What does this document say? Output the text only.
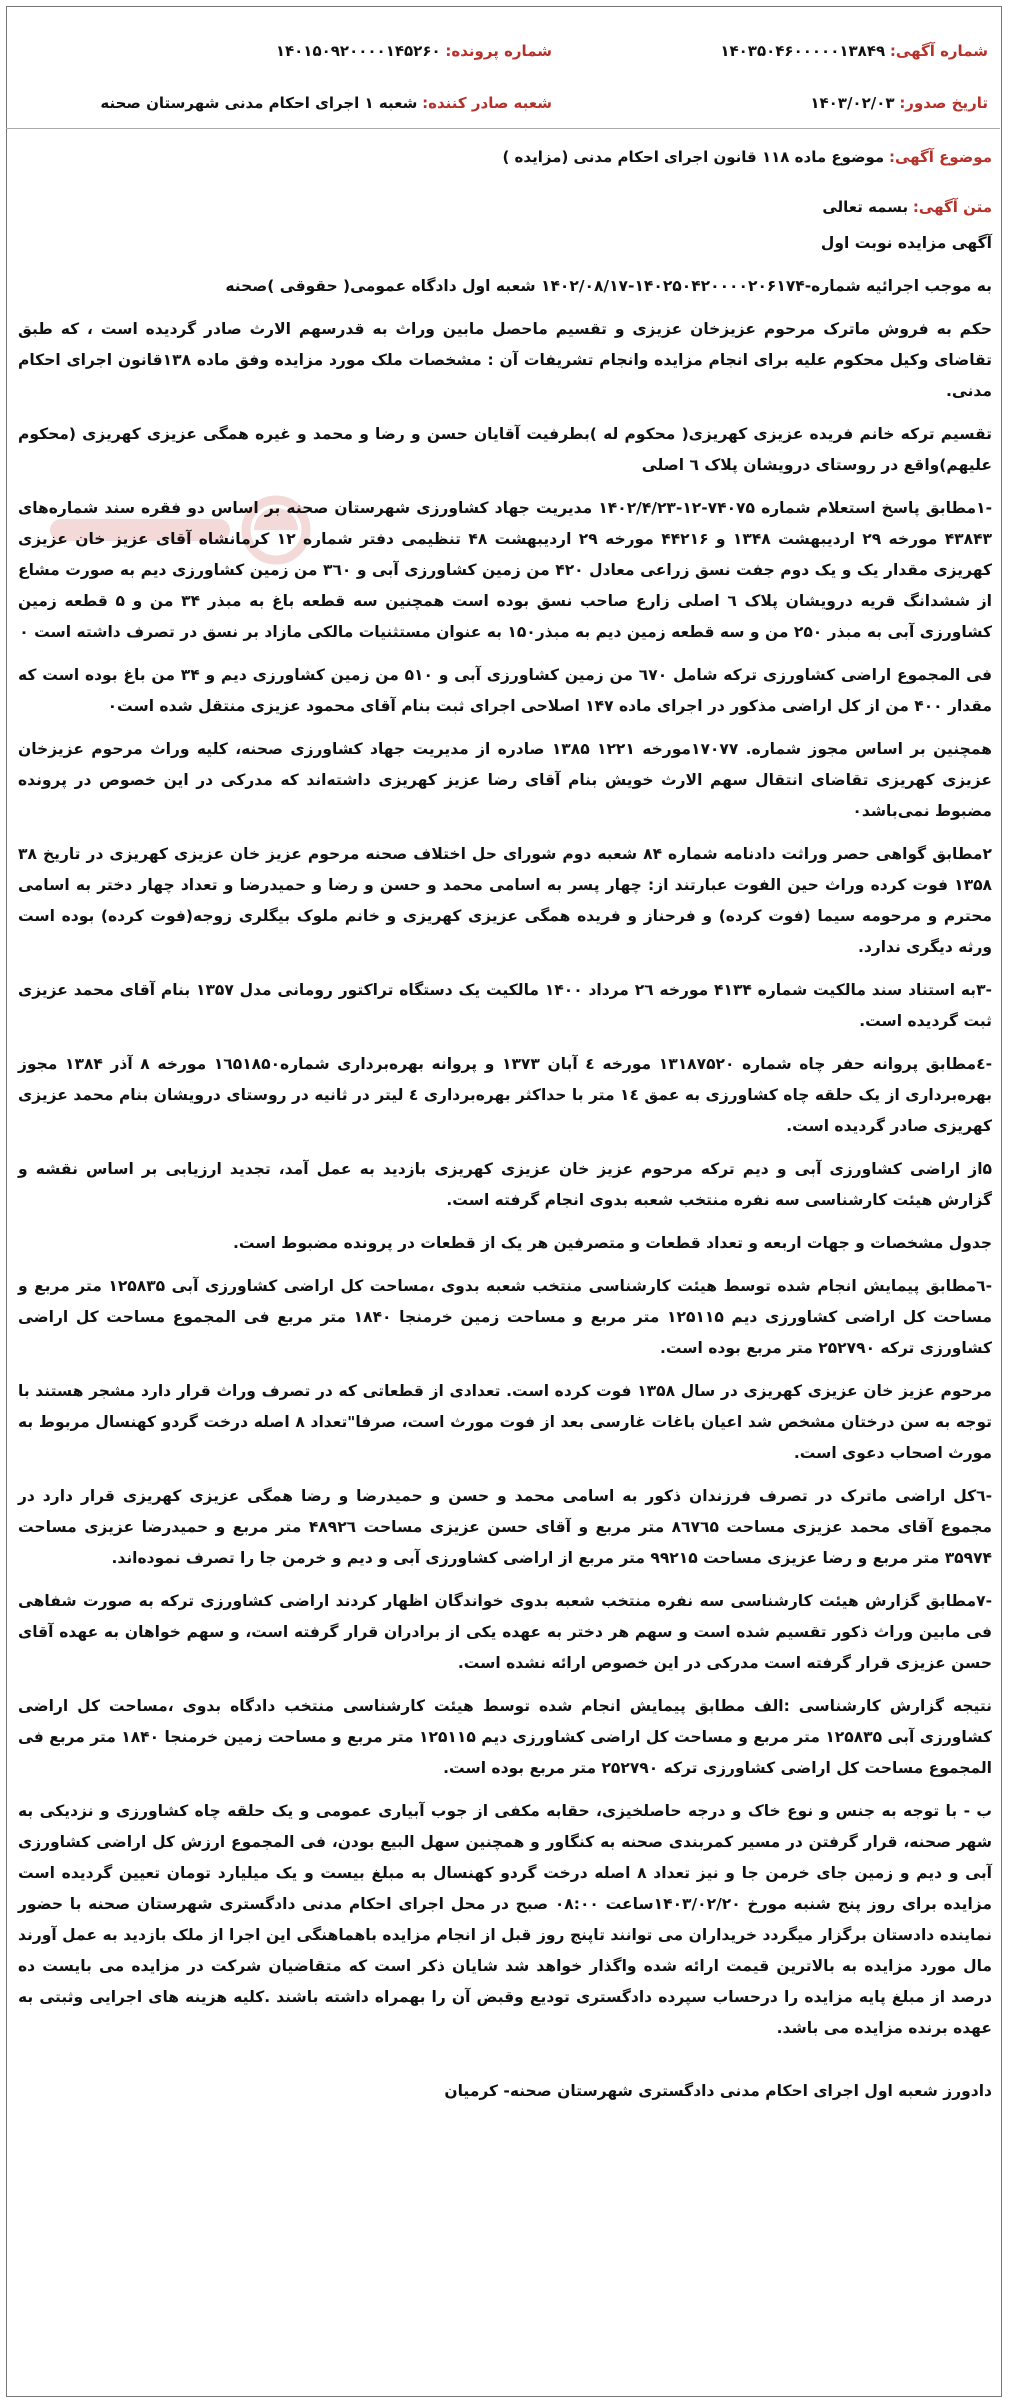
شماره آگهی: ۱۴۰۳۵۰۴۶۰۰۰۰۰۱۳۸۴۹
تاریخ صدور: ۱۴۰۳/۰۲/۰۳
شماره پرونده: ۱۴۰۱۵۰۹۲۰۰۰۰۱۴۵۲۶۰
شعبه صادر کننده: شعبه ۱ اجرای احکام مدنی شهرستان صحنه
موضوع آگهی: موضوع ماده ۱۱۸ قانون اجرای احکام مدنی (مزایده )
متن آگهی: بسمه تعالی
آگهی مزایده نوبت اول
به موجب اجرائیه شماره-۱۴۰۲۵۰۴۲۰۰۰۰۲۰۶۱۷۴-۱۴۰۲/۰۸/۱۷ شعبه اول دادگاه عمومی( حقوقی )صحنه
حکم به فروش ماترک مرحوم عزیزخان عزیزی و تقسیم ماحصل مابین وراث به قدرسهم الارث صادر گردیده است ، که طبق تقاضای وکیل محکوم علیه برای انجام مزایده وانجام تشریفات آن : مشخصات ملک مورد مزایده وفق ماده ۱۳۸قانون اجرای احکام مدنی.
تقسیم ترکه خانم فریده عزیزی کهریزی( محکوم له )بطرفیت آقایان حسن و رضا و محمد و غیره همگی عزیزی کهریزی (محکوم علیهم)واقع در روستای درویشان پلاک ٦ اصلی
-۱مطابق پاسخ استعلام شماره ۷۴۰۷۵-۱۲-۱۴۰۲/۴/۲۳ مدیریت جهاد کشاورزی شهرستان صحنه بر اساس دو فقره سند شماره‌های ۴۳۸۴۳ مورخه ۲۹ اردیبهشت ۱۳۴۸ و ۴۴۲۱۶ مورخه ۲۹ اردیبهشت ۴۸ تنظیمی دفتر شماره ۱۲ کرمانشاه آقای عزیز خان عزیزی کهریزی مقدار یک و یک دوم جفت نسق زراعی معادل ۴۲۰ من زمین کشاورزی آبی و ۳٦۰ من زمین کشاورزی دیم به صورت مشاع از ششدانگ قریه درویشان پلاک ٦ اصلی زارع صاحب نسق بوده است همچنین سه قطعه باغ به مبذر ۳۴ من و ۵ قطعه زمین کشاورزی آبی به مبذر ۲۵۰ من و سه قطعه زمین دیم به مبذر۱۵۰ به عنوان مستثنیات مالکی مازاد بر نسق در تصرف داشته است ۰
فی المجموع اراضی کشاورزی ترکه شامل ٦۷۰ من زمین کشاورزی آبی و ۵۱۰ من زمین کشاورزی دیم و ۳۴ من باغ بوده است که مقدار ۴۰۰ من از کل اراضی مذکور در اجرای ماده ۱۴۷ اصلاحی اجرای ثبت بنام آقای محمود عزیزی منتقل شده است۰
همچنین بر اساس مجوز شماره. ۱۷۰۷۷مورخه ۱۲۲۱ ۱۳۸۵ صادره از مدیریت جهاد کشاورزی صحنه، کلیه وراث مرحوم عزیزخان عزیزی کهریزی تقاضای انتقال سهم الارث خویش بنام آقای رضا عزیز کهریزی داشته‌اند که مدرکی در این خصوص در پرونده مضبوط نمی‌باشد۰
۲مطابق گواهی حصر وراثت دادنامه شماره ۸۴ شعبه دوم شورای حل اختلاف صحنه مرحوم عزیز خان عزیزی کهریزی در تاریخ ۳۸ ۱۳۵۸ فوت کرده وراث حین الفوت عبارتند از: چهار پسر به اسامی محمد و حسن و رضا و حمیدرضا و تعداد چهار دختر به اسامی محترم و مرحومه سیما (فوت کرده) و فرحناز و فریده همگی عزیزی کهریزی و خانم ملوک بیگلری زوجه(فوت کرده) بوده است ورثه دیگری ندارد.
-۳به استناد سند مالکیت شماره ۴۱۳۴ مورخه ۲٦ مرداد ۱۴۰۰ مالکیت یک دستگاه تراکتور رومانی مدل ۱۳۵۷ بنام آقای محمد عزیزی ثبت گردیده است.
-٤مطابق پروانه حفر چاه شماره ۱۳۱۸۷۵۲۰ مورخه ٤ آبان ۱۳۷۳ و پروانه بهره‌برداری شماره۱٦۵۱۸۵۰ مورخه ۸ آذر ۱۳۸۴ مجوز بهره‌برداری از یک حلقه چاه کشاورزی به عمق ۱٤ متر با حداکثر بهره‌برداری ٤ لیتر در ثانیه در روستای درویشان بنام محمد عزیزی کهریزی صادر گردیده است.
۵از اراضی کشاورزی آبی و دیم ترکه مرحوم عزیز خان عزیزی کهریزی بازدید به عمل آمد، تجدید ارزیابی بر اساس نقشه و گزارش هیئت کارشناسی سه نفره منتخب شعبه بدوی انجام گرفته است.
جدول مشخصات و جهات اربعه و تعداد قطعات و متصرفین هر یک از قطعات در پرونده مضبوط است.
-٦مطابق پیمایش انجام شده توسط هیئت کارشناسی منتخب شعبه بدوی ،مساحت کل اراضی کشاورزی آبی ۱۲۵۸۳۵ متر مربع و مساحت کل اراضی کشاورزی دیم ۱۲۵۱۱۵ متر مربع و مساحت زمین خرمنجا ۱۸۴۰ متر مربع فی المجموع مساحت کل اراضی کشاورزی ترکه ۲۵۲۷۹۰ متر مربع بوده است.
مرحوم عزیز خان عزیزی کهریزی در سال ۱۳۵۸ فوت کرده است. تعدادی از قطعاتی که در تصرف وراث قرار دارد مشجر هستند با توجه به سن درختان مشخص شد اعیان باغات غارسی بعد از فوت مورث است، صرفا"تعداد ۸ اصله درخت گردو کهنسال مربوط به مورث اصحاب دعوی است.
-٦کل اراضی ماترک در تصرف فرزندان ذکور به اسامی محمد و حسن و حمیدرضا و رضا همگی عزیزی کهریزی قرار دارد در مجموع آقای محمد عزیزی مساحت ۸٦۷٦۵ متر مربع و آقای حسن عزیزی مساحت ۴۸۹۲٦ متر مربع و حمیدرضا عزیزی مساحت ۳۵۹۷۴ متر مربع و رضا عزیزی مساحت ۹۹۲۱۵ متر مربع از اراضی کشاورزی آبی و دیم و خرمن جا را تصرف نموده‌اند.
-۷مطابق گزارش هیئت کارشناسی سه نفره منتخب شعبه بدوی خواندگان اظهار کردند اراضی کشاورزی ترکه به صورت شفاهی فی مابین وراث ذکور تقسیم شده است و سهم هر دختر به عهده یکی از برادران قرار گرفته است، و سهم خواهان به عهده آقای حسن عزیزی قرار گرفته است مدرکی در این خصوص ارائه نشده است.
نتیجه گزارش کارشناسی :الف مطابق پیمایش انجام شده توسط هیئت کارشناسی منتخب دادگاه بدوی ،مساحت کل اراضی کشاورزی آبی ۱۲۵۸۳۵ متر مربع و مساحت کل اراضی کشاورزی دیم ۱۲۵۱۱۵ متر مربع و مساحت زمین خرمنجا ۱۸۴۰ متر مربع فی المجموع مساحت کل اراضی کشاورزی ترکه ۲۵۲۷۹۰ متر مربع بوده است.
ب - با توجه به جنس و نوع خاک و درجه حاصلخیزی، حقابه مکفی از جوب آبیاری عمومی و یک حلقه چاه کشاورزی و نزدیکی به شهر صحنه، قرار گرفتن در مسیر کمربندی صحنه به کنگاور و همچنین سهل البیع بودن، فی المجموع ارزش کل اراضی کشاورزی آبی و دیم و زمین جای خرمن جا و نیز تعداد ۸ اصله درخت گردو کهنسال به مبلغ بیست و یک میلیارد تومان تعیین گردیده است مزایده برای روز پنج شنبه مورخ ۱۴۰۳/۰۲/۲۰ساعت ۰۸:۰۰ صبح در محل اجرای احکام مدنی دادگستری شهرستان صحنه با حضور نماینده دادستان برگزار میگردد خریداران می توانند تاپنج روز قبل از انجام مزایده باهماهنگی این اجرا از ملک بازدید به عمل آورند مال مورد مزایده به بالاترین قیمت ارائه شده واگذار خواهد شد شایان ذکر است که متقاضیان شرکت در مزایده می بایست ده درصد از مبلغ پایه مزایده را درحساب سپرده دادگستری تودیع وقبض آن را بهمراه داشته باشند .کلیه هزینه های اجرایی وثبتی به عهده برنده مزایده می باشد.
دادورز شعبه اول اجرای احکام مدنی دادگستری شهرستان صحنه- کرمیان
